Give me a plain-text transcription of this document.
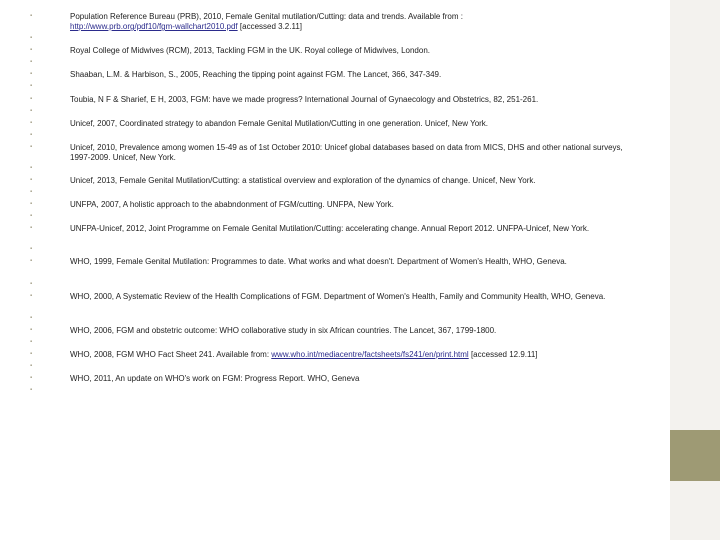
▪
▪
▪
▪
▪
▪
▪
▪
▪
▪
▪
▪
▪
▪
▪
▪
▪
▪
▪
▪
▪
▪
▪
▪
▪
▪
▪
▪
Population Reference Bureau (PRB), 2010, Female Genital mutilation/Cutting: data and trends. Available from :
http://www.prb.org/pdf10/fgm-wallchart2010.pdf [accessed 3.2.11]
Royal College of Midwives (RCM), 2013, Tackling FGM in the UK. Royal college of Midwives, London.
Shaaban, L.M. & Harbison, S., 2005, Reaching the tipping point against FGM. The Lancet, 366, 347-349.
Toubia, N F & Sharief, E H, 2003, FGM: have we made progress? International Journal of Gynaecology and Obstetrics, 82, 251-261.
Unicef, 2007, Coordinated strategy to abandon Female Genital Mutilation/Cutting in one generation. Unicef, New York.
Unicef, 2010, Prevalence among women 15-49 as of 1st October 2010: Unicef global databases based on data from MICS, DHS and other national surveys, 1997-2009. Unicef, New York.
Unicef, 2013, Female Genital Mutilation/Cutting: a statistical overview and exploration of the dynamics of change. Unicef, New York.
UNFPA, 2007, A holistic approach to the ababndonment of FGM/cutting. UNFPA, New York.
UNFPA-Unicef, 2012, Joint Programme on Female Genital Mutilation/Cutting: accelerating change. Annual Report 2012. UNFPA-Unicef, New York.
WHO, 1999, Female Genital Mutilation: Programmes to date. What works and what doesn't. Department of Women's Health, WHO, Geneva.
WHO, 2000, A Systematic Review of the Health Complications of FGM. Department of Women's Health, Family and Community Health, WHO, Geneva.
WHO, 2006, FGM and obstetric outcome: WHO collaborative study in six African countries. The Lancet, 367, 1799-1800.
WHO, 2008, FGM WHO Fact Sheet 241. Available from: www.who.int/mediacentre/factsheets/fs241/en/print.html [accessed 12.9.11]
WHO, 2011, An update on WHO's work on FGM: Progress Report. WHO, Geneva
